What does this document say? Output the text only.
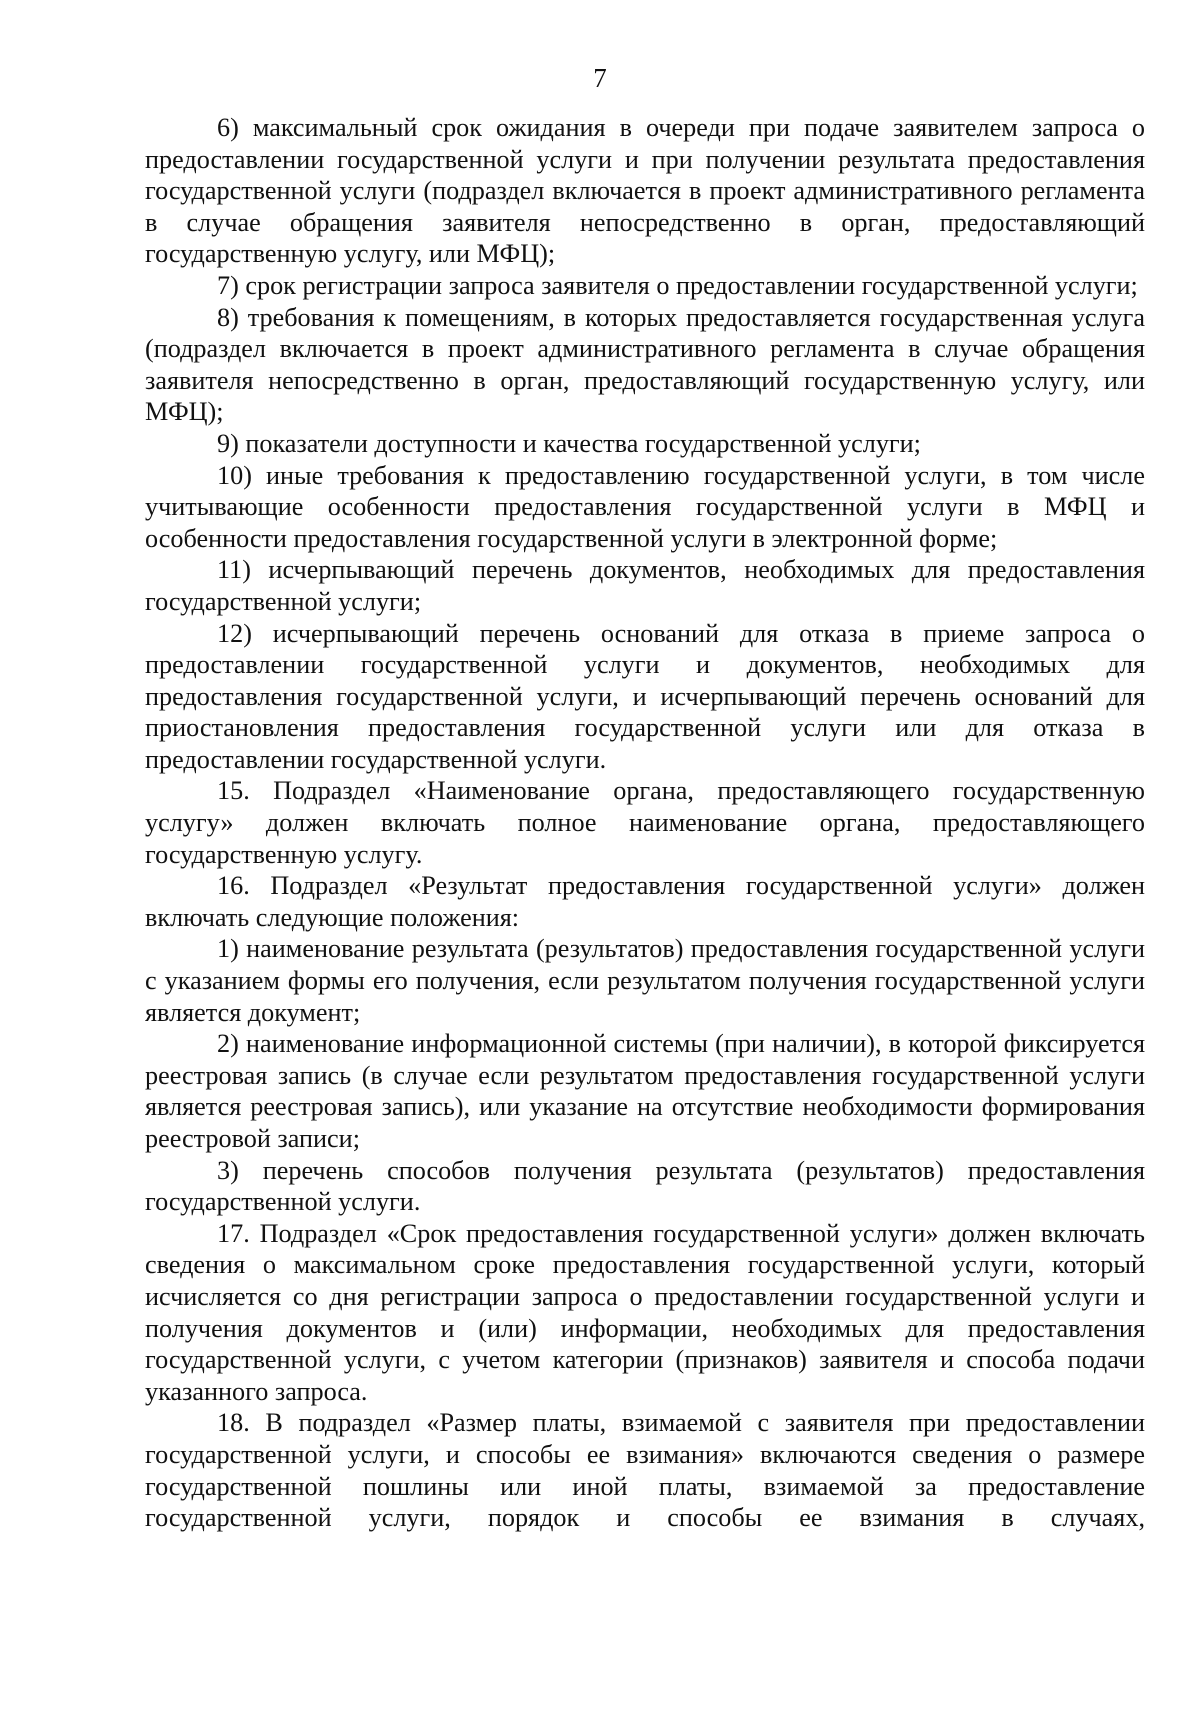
7

6) максимальный срок ожидания в очереди при подаче заявителем запроса о предоставлении государственной услуги и при получении результата предоставления государственной услуги (подраздел включается в проект административного регламента в случае обращения заявителя непосредственно в орган, предоставляющий государственную услугу, или МФЦ);

7) срок регистрации запроса заявителя о предоставлении государственной услуги;

8) требования к помещениям, в которых предоставляется государственная услуга (подраздел включается в проект административного регламента в случае обращения заявителя непосредственно в орган, предоставляющий государственную услугу, или МФЦ);

9) показатели доступности и качества государственной услуги;

10) иные требования к предоставлению государственной услуги, в том числе учитывающие особенности предоставления государственной услуги в МФЦ и особенности предоставления государственной услуги в электронной форме;

11) исчерпывающий перечень документов, необходимых для предоставления государственной услуги;

12) исчерпывающий перечень оснований для отказа в приеме запроса о предоставлении государственной услуги и документов, необходимых для предоставления государственной услуги, и исчерпывающий перечень оснований для приостановления предоставления государственной услуги или для отказа в предоставлении государственной услуги.

15. Подраздел «Наименование органа, предоставляющего государственную услугу» должен включать полное наименование органа, предоставляющего государственную услугу.

16. Подраздел «Результат предоставления государственной услуги» должен включать следующие положения:

1) наименование результата (результатов) предоставления государственной услуги с указанием формы его получения, если результатом получения государственной услуги является документ;

2) наименование информационной системы (при наличии), в которой фиксируется реестровая запись (в случае если результатом предоставления государственной услуги является реестровая запись), или указание на отсутствие необходимости формирования реестровой записи;

3) перечень способов получения результата (результатов) предоставления государственной услуги.

17. Подраздел «Срок предоставления государственной услуги» должен включать сведения о максимальном сроке предоставления государственной услуги, который исчисляется со дня регистрации запроса о предоставлении государственной услуги и получения документов и (или) информации, необходимых для предоставления государственной услуги, с учетом категории (признаков) заявителя и способа подачи указанного запроса.

18. В подраздел «Размер платы, взимаемой с заявителя при предоставлении государственной услуги, и способы ее взимания» включаются сведения о размере государственной пошлины или иной платы, взимаемой за предоставление государственной услуги, порядок и способы ее взимания в случаях,
